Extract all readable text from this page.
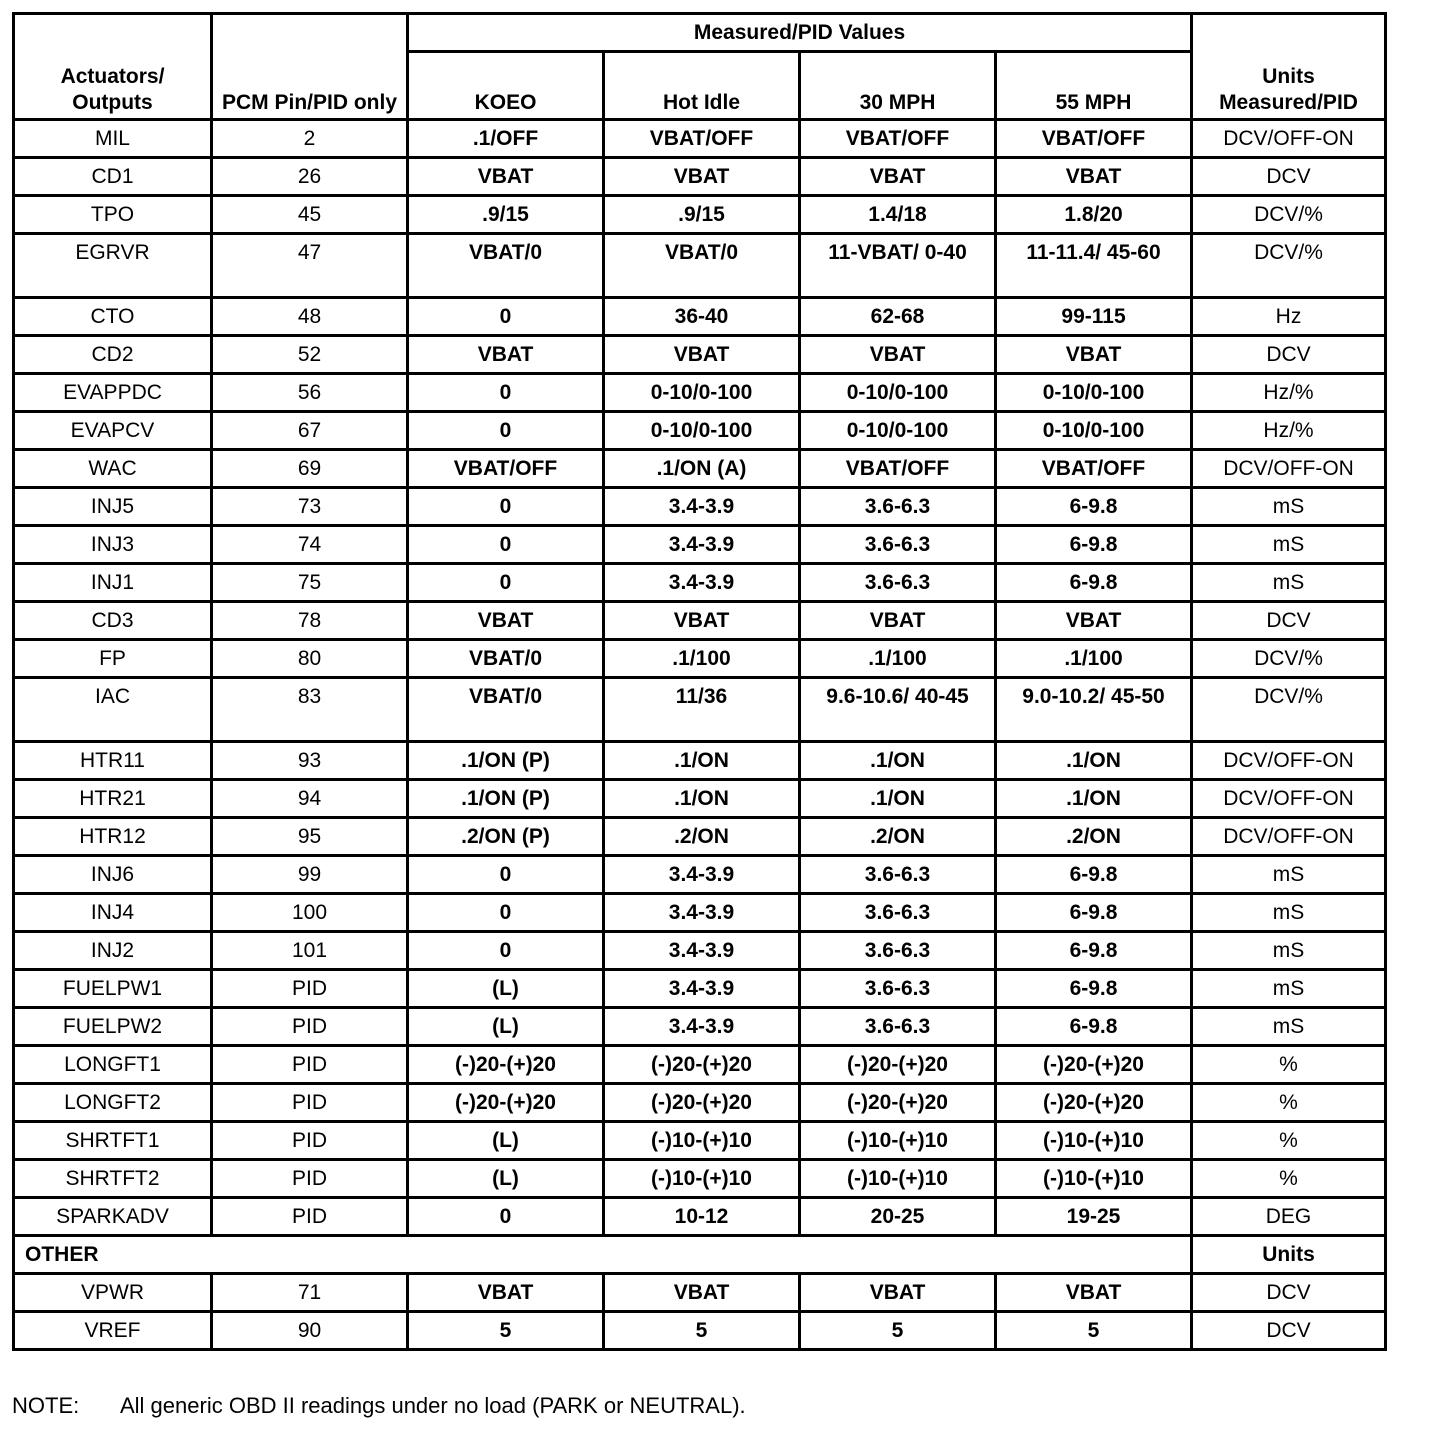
Actuators/ Outputs	PCM Pin/PID only	Measured/PID Values				Units Measured/PID
		KOEO	Hot Idle	30 MPH	55 MPH	
MIL	2	.1/OFF	VBAT/OFF	VBAT/OFF	VBAT/OFF	DCV/OFF-ON
CD1	26	VBAT	VBAT	VBAT	VBAT	DCV
TPO	45	.9/15	.9/15	1.4/18	1.8/20	DCV/%
EGRVR	47	VBAT/0	VBAT/0	11-VBAT/ 0-40	11-11.4/ 45-60	DCV/%
CTO	48	0	36-40	62-68	99-115	Hz
CD2	52	VBAT	VBAT	VBAT	VBAT	DCV
EVAPPDC	56	0	0-10/0-100	0-10/0-100	0-10/0-100	Hz/%
EVAPCV	67	0	0-10/0-100	0-10/0-100	0-10/0-100	Hz/%
WAC	69	VBAT/OFF	.1/ON (A)	VBAT/OFF	VBAT/OFF	DCV/OFF-ON
INJ5	73	0	3.4-3.9	3.6-6.3	6-9.8	mS
INJ3	74	0	3.4-3.9	3.6-6.3	6-9.8	mS
INJ1	75	0	3.4-3.9	3.6-6.3	6-9.8	mS
CD3	78	VBAT	VBAT	VBAT	VBAT	DCV
FP	80	VBAT/0	.1/100	.1/100	.1/100	DCV/%
IAC	83	VBAT/0	11/36	9.6-10.6/ 40-45	9.0-10.2/ 45-50	DCV/%
HTR11	93	.1/ON (P)	.1/ON	.1/ON	.1/ON	DCV/OFF-ON
HTR21	94	.1/ON (P)	.1/ON	.1/ON	.1/ON	DCV/OFF-ON
HTR12	95	.2/ON (P)	.2/ON	.2/ON	.2/ON	DCV/OFF-ON
INJ6	99	0	3.4-3.9	3.6-6.3	6-9.8	mS
INJ4	100	0	3.4-3.9	3.6-6.3	6-9.8	mS
INJ2	101	0	3.4-3.9	3.6-6.3	6-9.8	mS
FUELPW1	PID	(L)	3.4-3.9	3.6-6.3	6-9.8	mS
FUELPW2	PID	(L)	3.4-3.9	3.6-6.3	6-9.8	mS
LONGFT1	PID	(-)20-(+)20	(-)20-(+)20	(-)20-(+)20	(-)20-(+)20	%
LONGFT2	PID	(-)20-(+)20	(-)20-(+)20	(-)20-(+)20	(-)20-(+)20	%
SHRTFT1	PID	(L)	(-)10-(+)10	(-)10-(+)10	(-)10-(+)10	%
SHRTFT2	PID	(L)	(-)10-(+)10	(-)10-(+)10	(-)10-(+)10	%
SPARKADV	PID	0	10-12	20-25	19-25	DEG
OTHER						Units
VPWR	71	VBAT	VBAT	VBAT	VBAT	DCV
VREF	90	5	5	5	5	DCV
NOTE: All generic OBD II readings under no load (PARK or NEUTRAL).
